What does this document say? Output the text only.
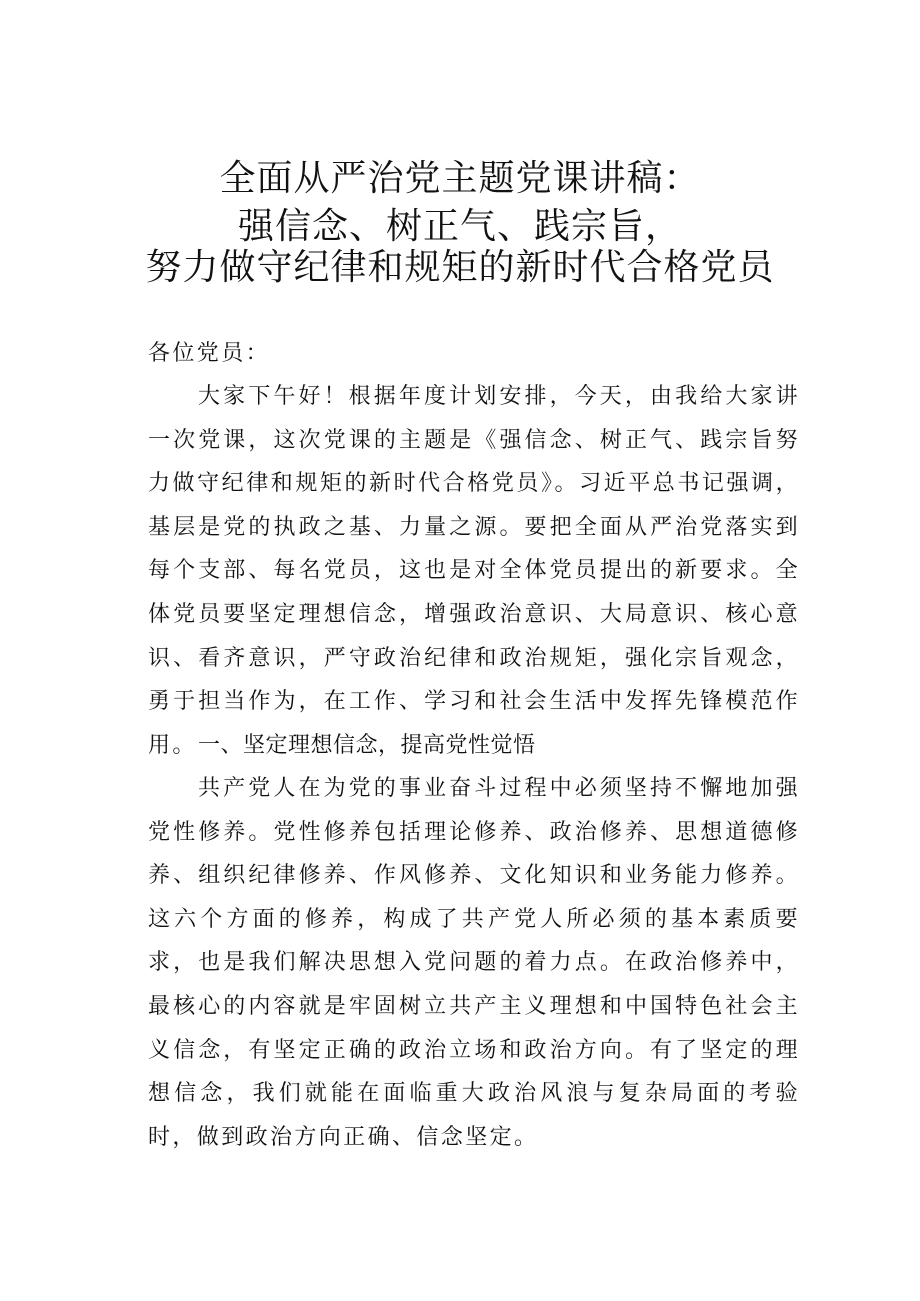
全面从严治党主题党课讲稿：
强信念、树正气、践宗旨，
努力做守纪律和规矩的新时代合格党员
各位党员：
大家下午好！根据年度计划安排，今天，由我给大家讲一次党课，这次党课的主题是《强信念、树正气、践宗旨努力做守纪律和规矩的新时代合格党员》。习近平总书记强调，基层是党的执政之基、力量之源。要把全面从严治党落实到每个支部、每名党员，这也是对全体党员提出的新要求。全体党员要坚定理想信念，增强政治意识、大局意识、核心意识、看齐意识，严守政治纪律和政治规矩，强化宗旨观念，勇于担当作为，在工作、学习和社会生活中发挥先锋模范作用。 一、坚定理想信念，提高党性觉悟
共产党人在为党的事业奋斗过程中必须坚持不懈地加强党性修养。党性修养包括理论修养、政治修养、思想道德修养、组织纪律修养、作风修养、文化知识和业务能力修养。这六个方面的修养，构成了共产党人所必须的基本素质要求，也是我们解决思想入党问题的着力点。在政治修养中，最核心的内容就是牢固树立共产主义理想和中国特色社会主义信念，有坚定正确的政治立场和政治方向。有了坚定的理想信念，我们就能在面临重大政治风浪与复杂局面的考验时，做到政治方向正确、信念坚定。
